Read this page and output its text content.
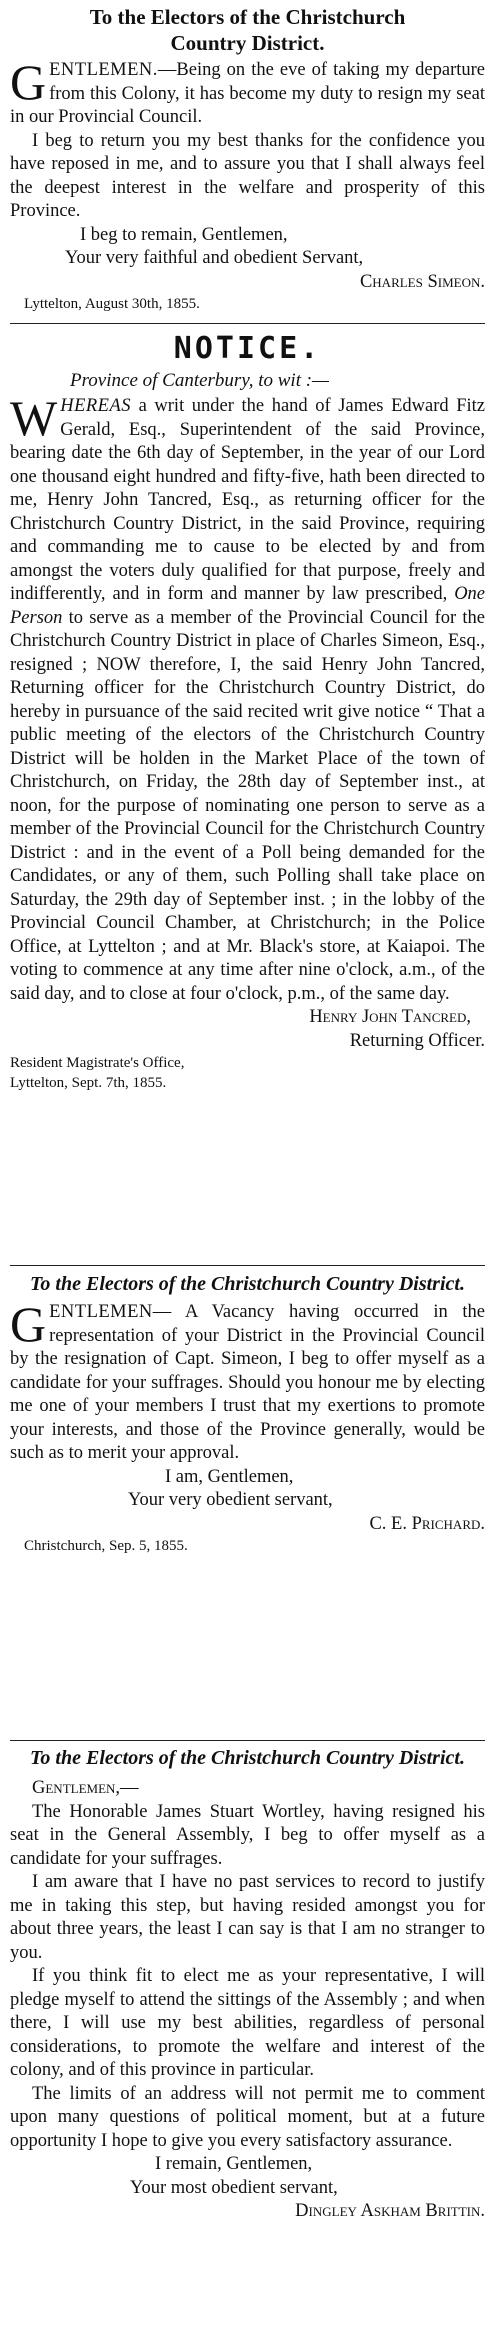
To the Electors of the Christchurch
Country District.

GENTLEMEN.—Being on the eve of taking my departure from this Colony, it has become my duty to resign my seat in our Provincial Council.

I beg to return you my best thanks for the confidence you have reposed in me, and to assure you that I shall always feel the deepest interest in the welfare and prosperity of this Province.

I beg to remain, Gentlemen,
Your very faithful and obedient Servant,
Charles Simeon.
Lyttelton, August 30th, 1855.
NOTICE.
Province of Canterbury, to wit :—

WHEREAS a writ under the hand of James Edward Fitz Gerald, Esq., Superintendent of the said Province, bearing date the 6th day of September, in the year of our Lord one thousand eight hundred and fifty-five, hath been directed to me, Henry John Tancred, Esq., as returning officer for the Christchurch Country District, in the said Province, requiring and commanding me to cause to be elected by and from amongst the voters duly qualified for that purpose, freely and indifferently, and in form and manner by law prescribed, One Person to serve as a member of the Provincial Council for the Christchurch Country District in place of Charles Simeon, Esq., resigned ; NOW therefore, I, the said Henry John Tancred, Returning officer for the Christchurch Country District, do hereby in pursuance of the said recited writ give notice “ That a public meeting of the electors of the Christchurch Country District will be holden in the Market Place of the town of Christchurch, on Friday, the 28th day of September inst., at noon, for the purpose of nominating one person to serve as a member of the Provincial Council for the Christchurch Country District : and in the event of a Poll being demanded for the Candidates, or any of them, such Polling shall take place on Saturday, the 29th day of September inst. ; in the lobby of the Provincial Council Chamber, at Christchurch; in the Police Office, at Lyttelton ; and at Mr. Black's store, at Kaiapoi. The voting to commence at any time after nine o'clock, a.m., of the said day, and to close at four o'clock, p.m., of the same day.

Henry John Tancred,
Returning Officer.
Resident Magistrate's Office,
Lyttelton, Sept. 7th, 1855.
To the Electors of the Christchurch Country District.

GENTLEMEN— A Vacancy having occurred in the representation of your District in the Provincial Council by the resignation of Capt. Simeon, I beg to offer myself as a candidate for your suffrages. Should you honour me by electing me one of your members I trust that my exertions to promote your interests, and those of the Province generally, would be such as to merit your approval.

I am, Gentlemen,
Your very obedient servant,
C. E. Prichard.
Christchurch, Sep. 5, 1855.
To the Electors of the Christchurch Country District.
Gentlemen,—

The Honorable James Stuart Wortley, having resigned his seat in the General Assembly, I beg to offer myself as a candidate for your suffrages.

I am aware that I have no past services to record to justify me in taking this step, but having resided amongst you for about three years, the least I can say is that I am no stranger to you.

If you think fit to elect me as your representative, I will pledge myself to attend the sittings of the Assembly ; and when there, I will use my best abilities, regardless of personal considerations, to promote the welfare and interest of the colony, and of this province in particular.

The limits of an address will not permit me to comment upon many questions of political moment, but at a future opportunity I hope to give you every satisfactory assurance.

I remain, Gentlemen,
Your most obedient servant,
Dingley Askham Brittin.
